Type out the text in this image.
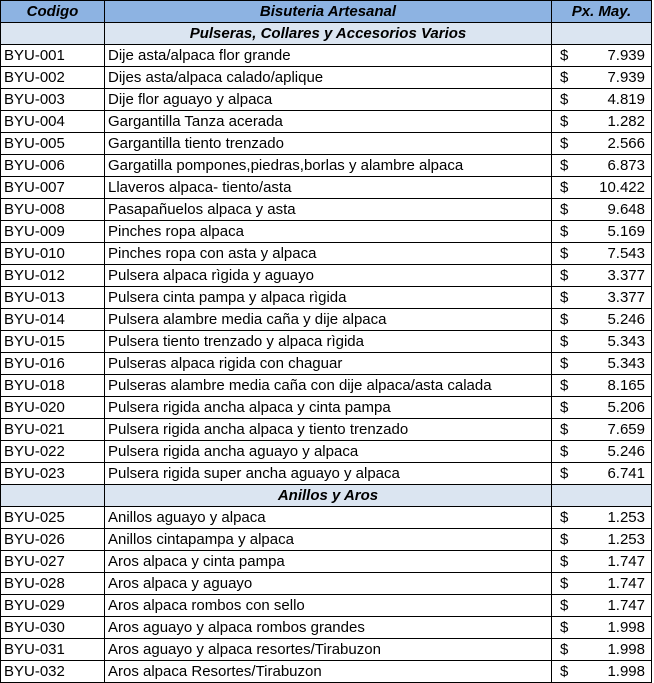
Codigo	Bisuteria Artesanal	Px. May.
	Pulseras, Collares y Accesorios Varios	
BYU-001	Dije asta/alpaca flor grande	$ 7.939

BYU-002	Dijes asta/alpaca calado/aplique	$ 7.939

BYU-003	Dije flor aguayo y alpaca	$ 4.819

BYU-004	Gargantilla Tanza acerada	$ 1.282

BYU-005	Gargantilla tiento trenzado	$ 2.566

BYU-006	Gargatilla pompones,piedras,borlas y alambre alpaca	$ 6.873

BYU-007	Llaveros alpaca- tiento/asta	$ 10.422

BYU-008	Pasapañuelos alpaca y asta	$ 9.648

BYU-009	Pinches ropa alpaca	$ 5.169

BYU-010	Pinches ropa con asta y alpaca	$ 7.543

BYU-012	Pulsera alpaca rìgida y aguayo	$ 3.377

BYU-013	Pulsera cinta pampa y alpaca rìgida	$ 3.377

BYU-014	Pulsera alambre media caña y dije alpaca	$ 5.246

BYU-015	Pulsera tiento trenzado y alpaca rìgida	$ 5.343

BYU-016	Pulseras alpaca rigida con chaguar	$ 5.343

BYU-018	Pulseras alambre media caña con dije alpaca/asta calada	$ 8.165

BYU-020	Pulsera rigida ancha alpaca y cinta pampa	$ 5.206

BYU-021	Pulsera rigida ancha alpaca y tiento trenzado	$ 7.659

BYU-022	Pulsera rigida ancha aguayo y alpaca	$ 5.246

BYU-023	Pulsera rigida super ancha aguayo y alpaca	$ 6.741

	Anillos y Aros	
BYU-025	Anillos aguayo y alpaca	$ 1.253

BYU-026	Anillos cintapampa y alpaca	$ 1.253

BYU-027	Aros alpaca y cinta pampa	$ 1.747

BYU-028	Aros alpaca y aguayo	$ 1.747

BYU-029	Aros alpaca rombos con sello	$ 1.747

BYU-030	Aros aguayo y alpaca rombos grandes	$ 1.998

BYU-031	Aros aguayo y alpaca resortes/Tirabuzon	$ 1.998

BYU-032	Aros alpaca Resortes/Tirabuzon	$ 1.998
